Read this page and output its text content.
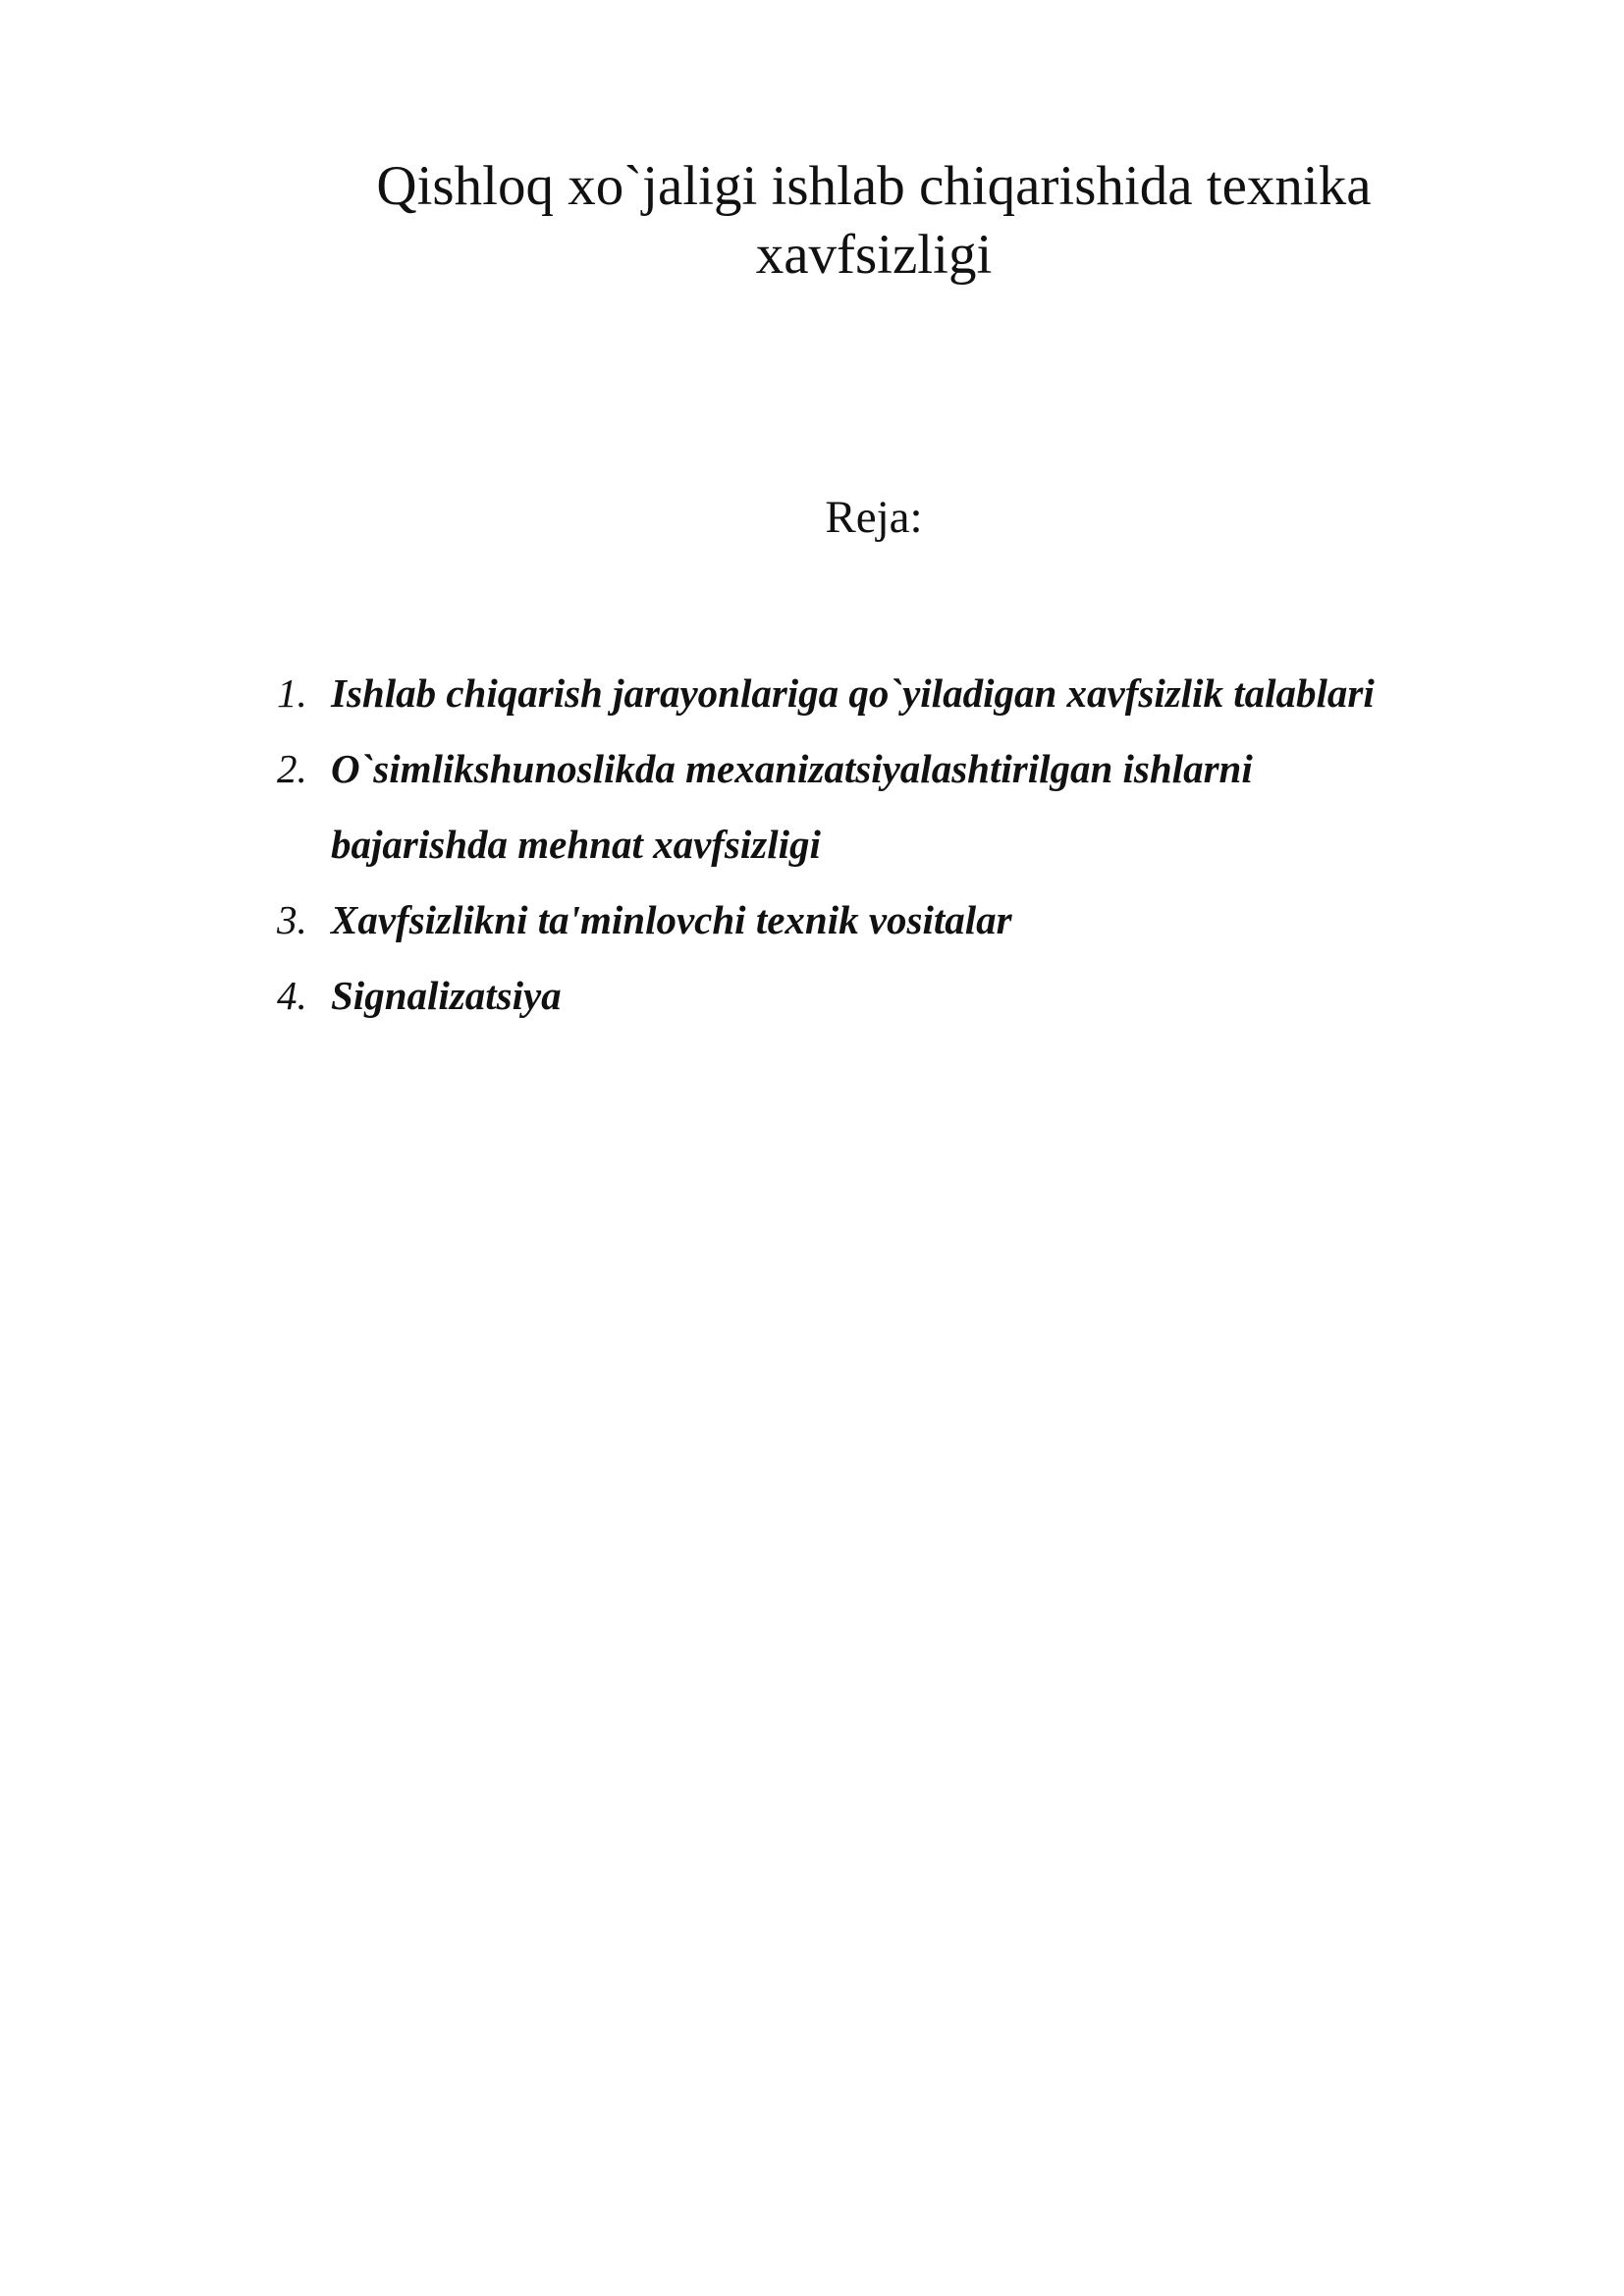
Qishloq xo`jaligi ishlab chiqarishida texnika
xavfsizligi
Reja:
1. Ishlab chiqarish jarayonlariga qo`yiladigan xavfsizlik talablari
2. O`simlikshunoslikda mexanizatsiyalashtirilgan ishlarni
bajarishda mehnat xavfsizligi
3. Xavfsizlikni ta'minlovchi texnik vositalar
4. Signalizatsiya
